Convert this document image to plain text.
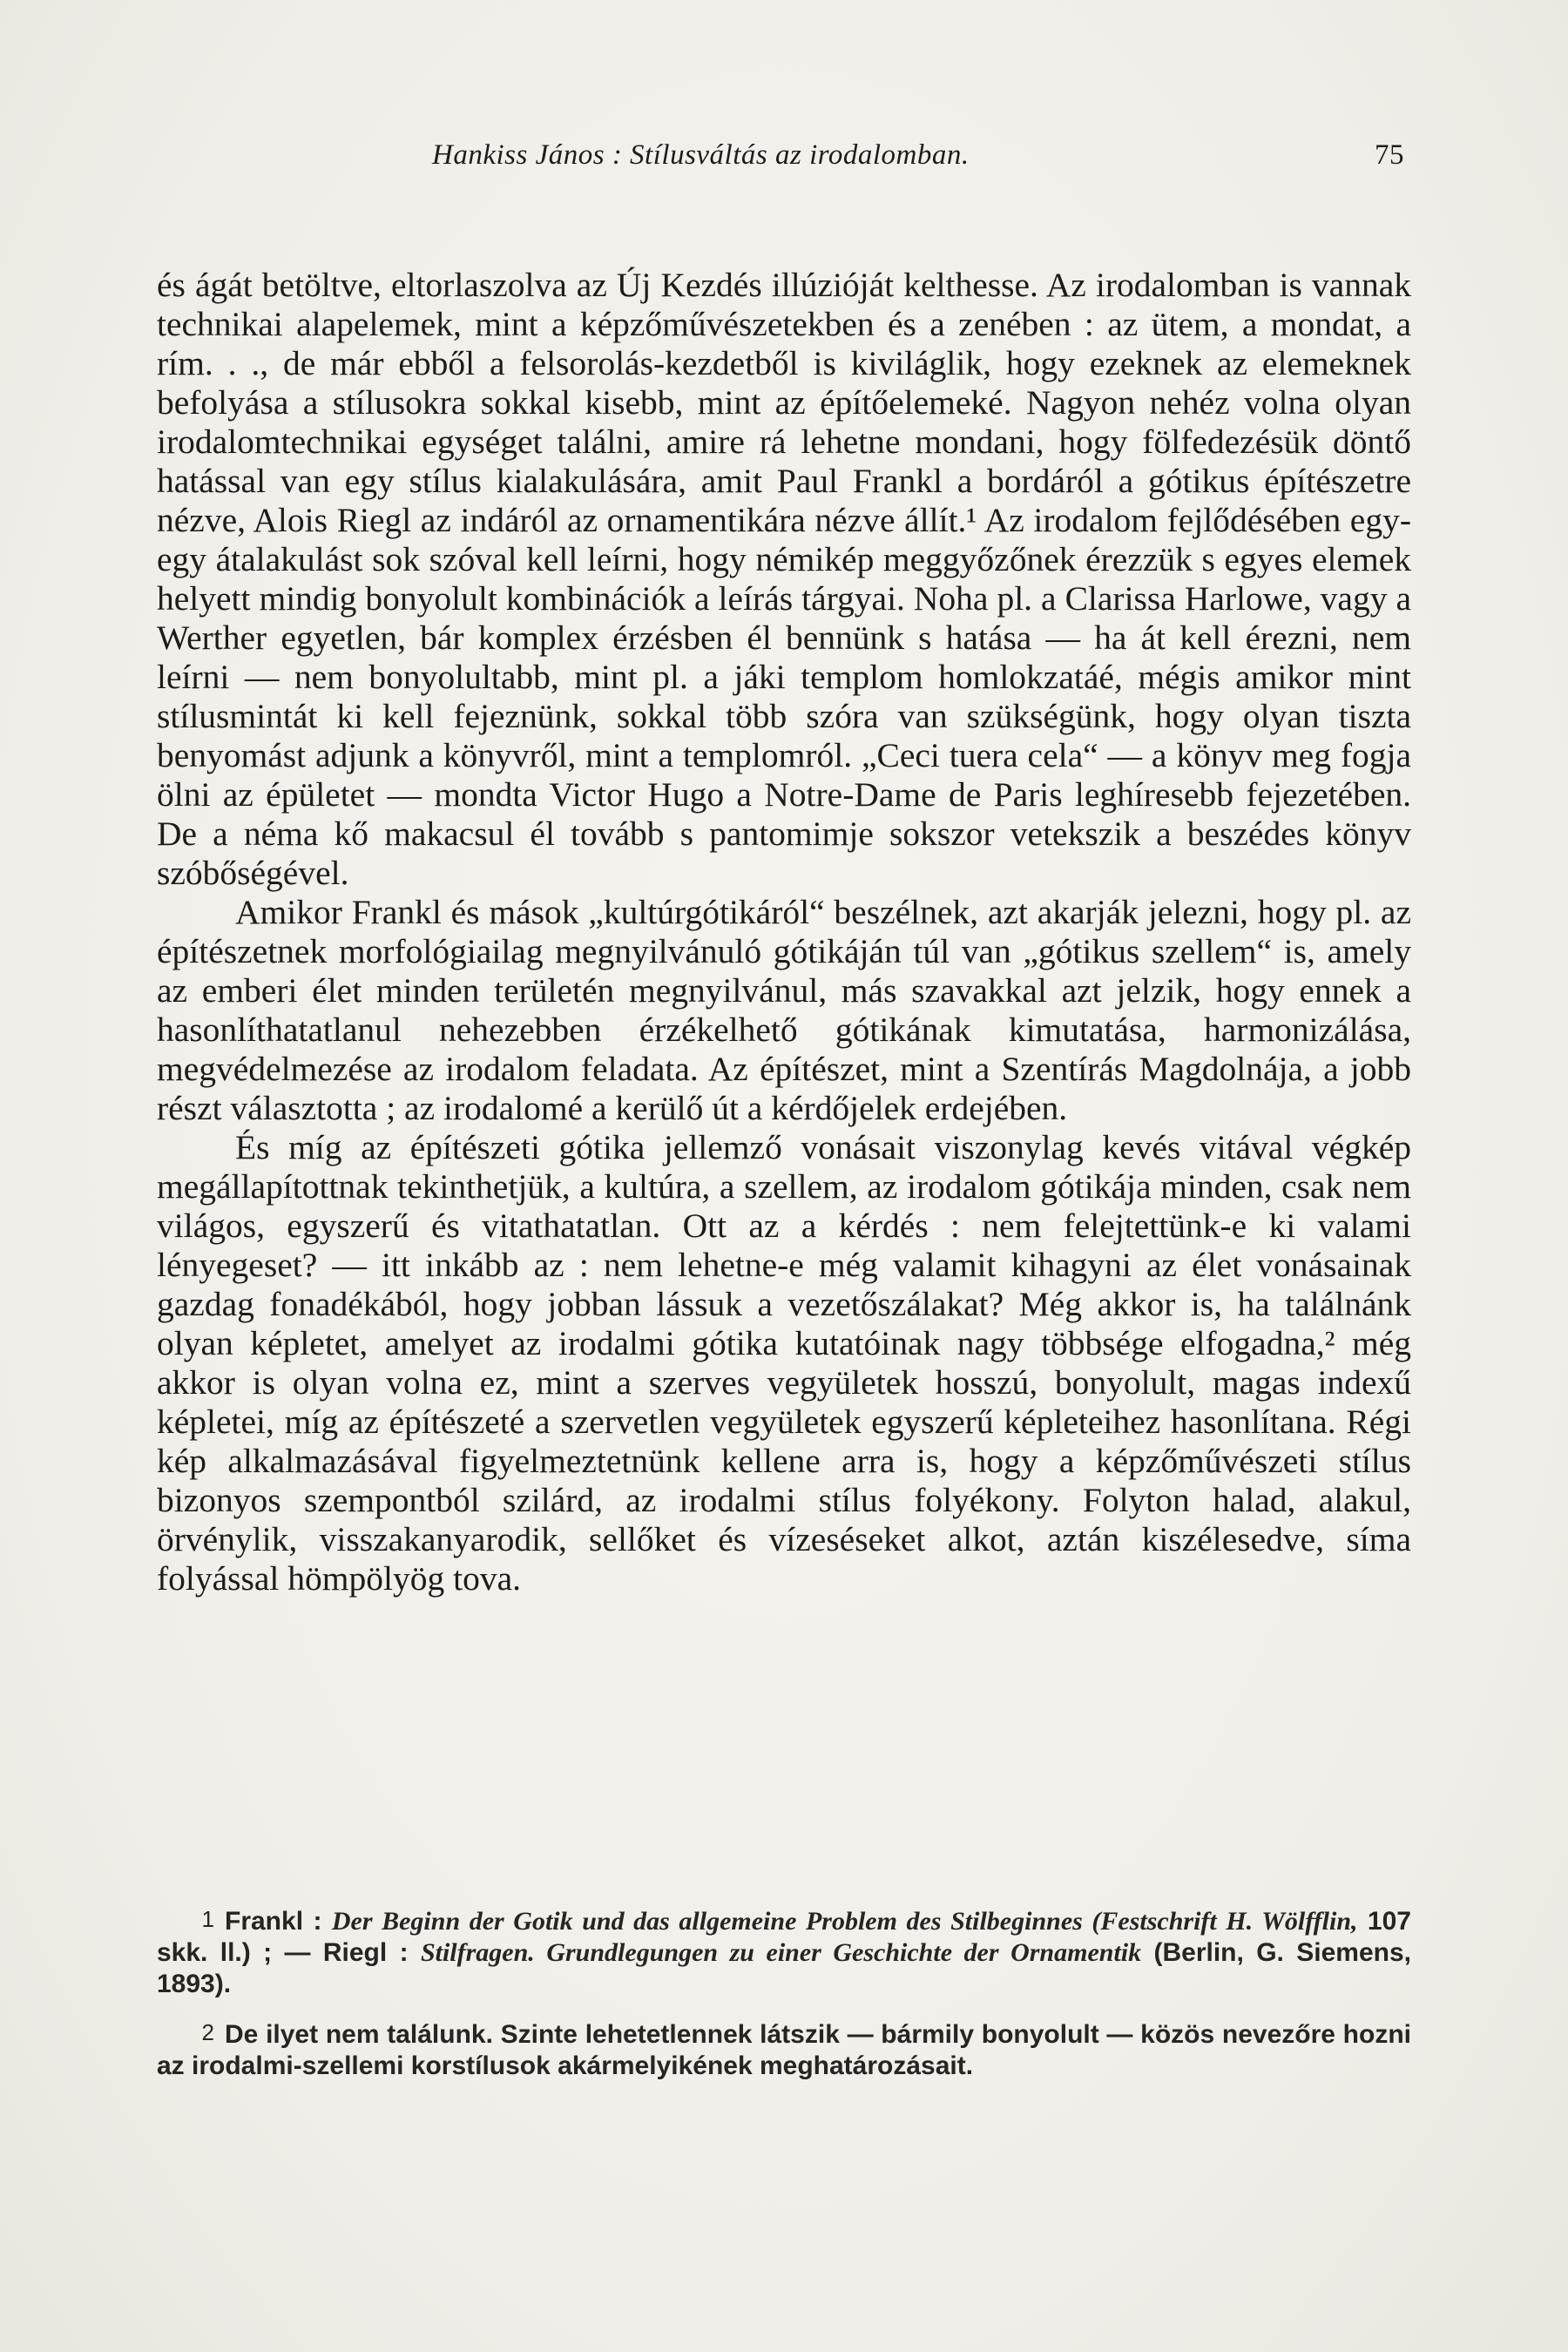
Hankiss János : Stílusváltás az irodalomban.	75

és ágát betöltve, eltorlaszolva az Új Kezdés illúzióját kelthesse. Az irodalomban is vannak technikai alapelemek, mint a képzőművészetekben és a zenében : az ütem, a mondat, a rím. . ., de már ebből a felsorolás-kezdetből is kiviláglik, hogy ezeknek az elemeknek befolyása a stílusokra sokkal kisebb, mint az építőelemeké. Nagyon nehéz volna olyan irodalomtechnikai egységet találni, amire rá lehetne mondani, hogy fölfedezésük döntő hatással van egy stílus kialakulására, amit Paul Frankl a bordáról a gótikus építészetre nézve, Alois Riegl az indáról az ornamentikára nézve állít.¹ Az irodalom fejlődésében egy-egy átalakulást sok szóval kell leírni, hogy némikép meggyőzőnek érezzük s egyes elemek helyett mindig bonyolult kombinációk a leírás tárgyai. Noha pl. a Clarissa Harlowe, vagy a Werther egyetlen, bár komplex érzésben él bennünk s hatása — ha át kell érezni, nem leírni — nem bonyolultabb, mint pl. a jáki templom homlokzatáé, mégis amikor mint stílusmintát ki kell fejeznünk, sokkal több szóra van szükségünk, hogy olyan tiszta benyomást adjunk a könyvről, mint a templomról. „Ceci tuera cela“ — a könyv meg fogja ölni az épületet — mondta Victor Hugo a Notre-Dame de Paris leghíresebb fejezetében. De a néma kő makacsul él tovább s pantomimje sokszor vetekszik a beszédes könyv szóbőségével.

Amikor Frankl és mások „kultúrgótikáról“ beszélnek, azt akarják jelezni, hogy pl. az építészetnek morfológiailag megnyilvánuló gótikáján túl van „gótikus szellem“ is, amely az emberi élet minden területén megnyilvánul, más szavakkal azt jelzik, hogy ennek a hasonlíthatatlanul nehezebben érzékelhető gótikának kimutatása, harmonizálása, megvédelmezése az irodalom feladata. Az építészet, mint a Szentírás Magdolnája, a jobb részt választotta ; az irodalomé a kerülő út a kérdőjelek erdejében.

És míg az építészeti gótika jellemző vonásait viszonylag kevés vitával végkép megállapítottnak tekinthetjük, a kultúra, a szellem, az irodalom gótikája minden, csak nem világos, egyszerű és vitathatatlan. Ott az a kérdés : nem felejtettünk-e ki valami lényegeset? — itt inkább az : nem lehetne-e még valamit kihagyni az élet vonásainak gazdag fonadékából, hogy jobban lássuk a vezetőszálakat? Még akkor is, ha találnánk olyan képletet, amelyet az irodalmi gótika kutatóinak nagy többsége elfogadna,² még akkor is olyan volna ez, mint a szerves vegyületek hosszú, bonyolult, magas indexű képletei, míg az építészeté a szervetlen vegyületek egyszerű képleteihez hasonlítana. Régi kép alkalmazásával figyelmeztetnünk kellene arra is, hogy a képzőművészeti stílus bizonyos szempontból szilárd, az irodalmi stílus folyékony. Folyton halad, alakul, örvénylik, visszakanyarodik, sellőket és vízeséseket alkot, aztán kiszélesedve, síma folyással hömpölyög tova.

1 Frankl : Der Beginn der Gotik und das allgemeine Problem des Stilbeginnes (Festschrift H. Wölfflin, 107 skk. ll.) ; — Riegl : Stilfragen. Grundlegungen zu einer Geschichte der Ornamentik (Berlin, G. Siemens, 1893).

2 De ilyet nem találunk. Szinte lehetetlennek látszik — bármily bonyolult — közös nevezőre hozni az irodalmi-szellemi korstílusok akármelyikének meghatározásait.
